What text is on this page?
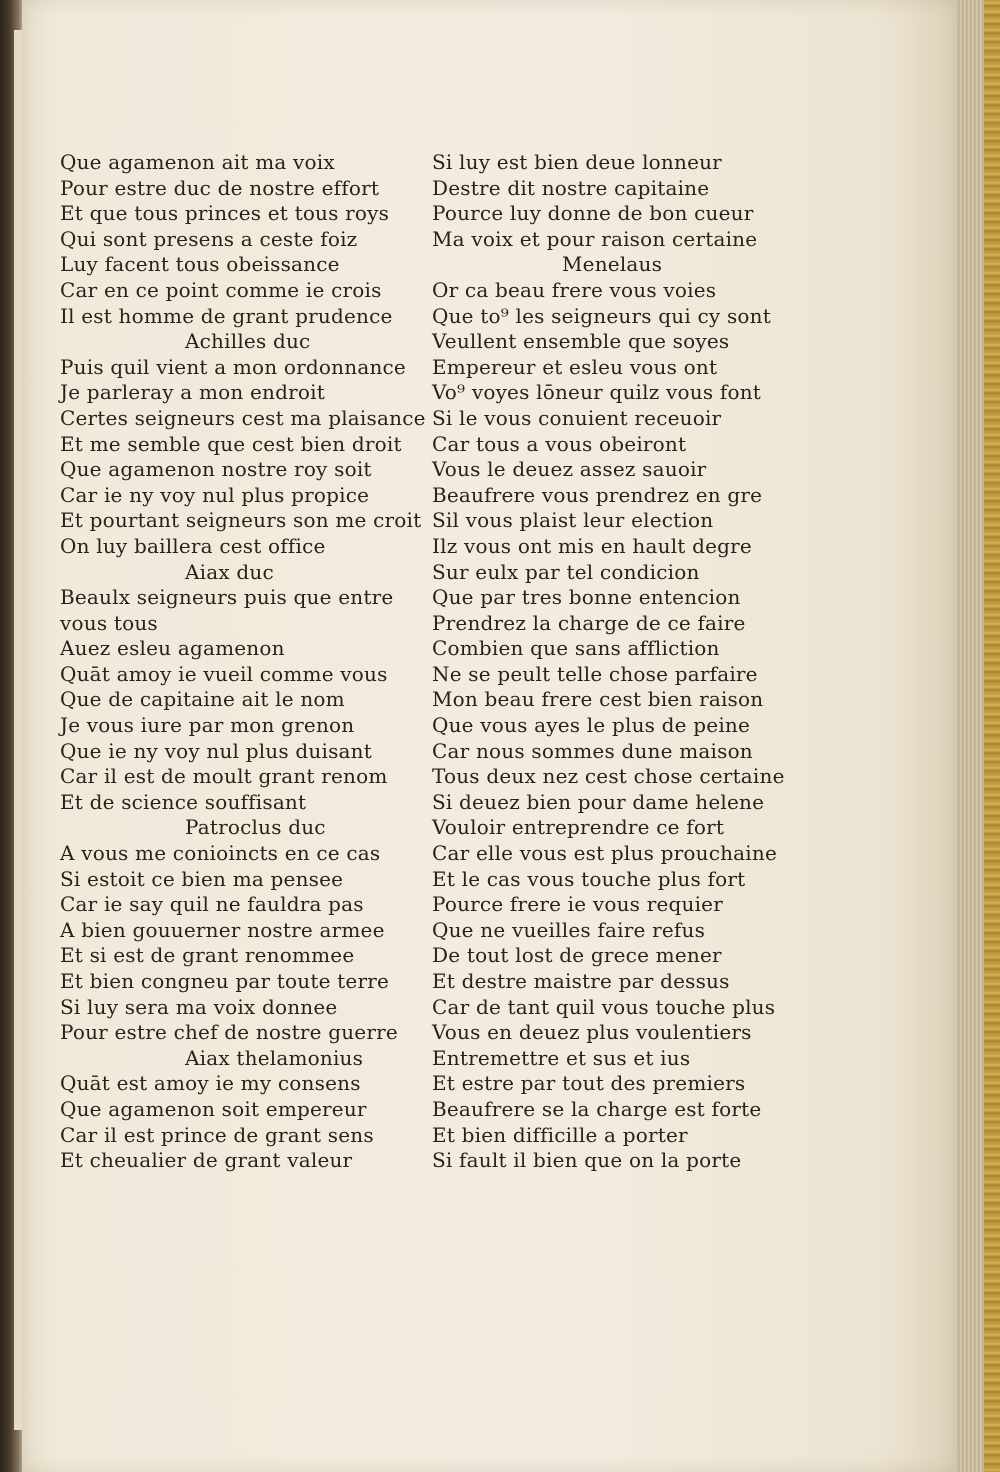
Que agamenon ait ma voix
Pour estre duc de nostre effort
Et que tous princes et tous roys
Qui sont presens a ceste foiz
Luy facent tous obeissance
Car en ce point comme ie crois
Il est homme de grant prudence
Achilles duc
Puis quil vient a mon ordonnance
Je parleray a mon endroit
Certes seigneurs cest ma plaisance
Et me semble que cest bien droit
Que agamenon nostre roy soit
Car ie ny voy nul plus propice
Et pourtant seigneurs son me croit
On luy baillera cest office
Aiax duc
Beaulx seigneurs puis que entre
vous tous
Auez esleu agamenon
Quāt amoy ie vueil comme vous
Que de capitaine ait le nom
Je vous iure par mon grenon
Que ie ny voy nul plus duisant
Car il est de moult grant renom
Et de science souffisant
Patroclus duc
A vous me conioincts en ce cas
Si estoit ce bien ma pensee
Car ie say quil ne fauldra pas
A bien gouuerner nostre armee
Et si est de grant renommee
Et bien congneu par toute terre
Si luy sera ma voix donnee
Pour estre chef de nostre guerre
Aiax thelamonius
Quāt est amoy ie my consens
Que agamenon soit empereur
Car il est prince de grant sens
Et cheualier de grant valeur
Si luy est bien deue lonneur
Destre dit nostre capitaine
Pource luy donne de bon cueur
Ma voix et pour raison certaine
Menelaus
Or ca beau frere vous voies
Que to⁹ les seigneurs qui cy sont
Veullent ensemble que soyes
Empereur et esleu vous ont
Vo⁹ voyes lōneur quilz vous font
Si le vous conuient receuoir
Car tous a vous obeiront
Vous le deuez assez sauoir
Beaufrere vous prendrez en gre
Sil vous plaist leur election
Ilz vous ont mis en hault degre
Sur eulx par tel condicion
Que par tres bonne entencion
Prendrez la charge de ce faire
Combien que sans affliction
Ne se peult telle chose parfaire
Mon beau frere cest bien raison
Que vous ayes le plus de peine
Car nous sommes dune maison
Tous deux nez cest chose certaine
Si deuez bien pour dame helene
Vouloir entreprendre ce fort
Car elle vous est plus prouchaine
Et le cas vous touche plus fort
Pource frere ie vous requier
Que ne vueilles faire refus
De tout lost de grece mener
Et destre maistre par dessus
Car de tant quil vous touche plus
Vous en deuez plus voulentiers
Entremettre et sus et ius
Et estre par tout des premiers
Beaufrere se la charge est forte
Et bien difficille a porter
Si fault il bien que on la porte
